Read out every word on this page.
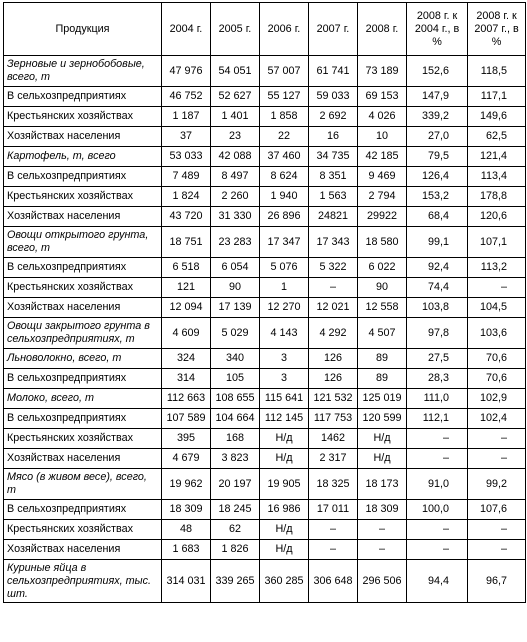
Продукция	2004 г.	2005 г.	2006 г.	2007 г.	2008 г.	2008 г. к 2004 г., в %	2008 г. к 2007 г., в %
Зерновые и зернобобовые, всего, т	47 976	54 051	57 007	61 741	73 189	152,6	118,5
В сельхозпредприятиях	46 752	52 627	55 127	59 033	69 153	147,9	117,1
Крестьянских хозяйствах	1 187	1 401	1 858	2 692	4 026	339,2	149,6
Хозяйствах населения	37	23	22	16	10	27,0	62,5
Картофель, т, всего	53 033	42 088	37 460	34 735	42 185	79,5	121,4
В сельхозпредприятиях	7 489	8 497	8 624	8 351	9 469	126,4	113,4
Крестьянских хозяйствах	1 824	2 260	1 940	1 563	2 794	153,2	178,8
Хозяйствах населения	43 720	31 330	26 896	24821	29922	68,4	120,6
Овощи открытого грунта, всего, т	18 751	23 283	17 347	17 343	18 580	99,1	107,1
В сельхозпредприятиях	6 518	6 054	5 076	5 322	6 022	92,4	113,2
Крестьянских хозяйствах	121	90	1	–	90	74,4	–
Хозяйствах населения	12 094	17 139	12 270	12 021	12 558	103,8	104,5
Овощи закрытого грунта в сельхозпредприятиях, т	4 609	5 029	4 143	4 292	4 507	97,8	103,6
Льноволокно, всего, т	324	340	3	126	89	27,5	70,6
В сельхозпредприятиях	314	105	3	126	89	28,3	70,6
Молоко, всего, т	112 663	108 655	115 641	121 532	125 019	111,0	102,9
В сельхозпредприятиях	107 589	104 664	112 145	117 753	120 599	112,1	102,4
Крестьянских хозяйствах	395	168	Н/д	1462	Н/д	–	–
Хозяйствах населения	4 679	3 823	Н/д	2 317	Н/д	–	–
Мясо (в живом весе), всего, т	19 962	20 197	19 905	18 325	18 173	91,0	99,2
В сельхозпредприятиях	18 309	18 245	16 986	17 011	18 309	100,0	107,6
Крестьянских хозяйствах	48	62	Н/д	–	–	–	–
Хозяйствах населения	1 683	1 826	Н/д	–	–	–	–
Куриные яйца в сельхозпредприятиях, тыс. шт.	314 031	339 265	360 285	306 648	296 506	94,4	96,7
